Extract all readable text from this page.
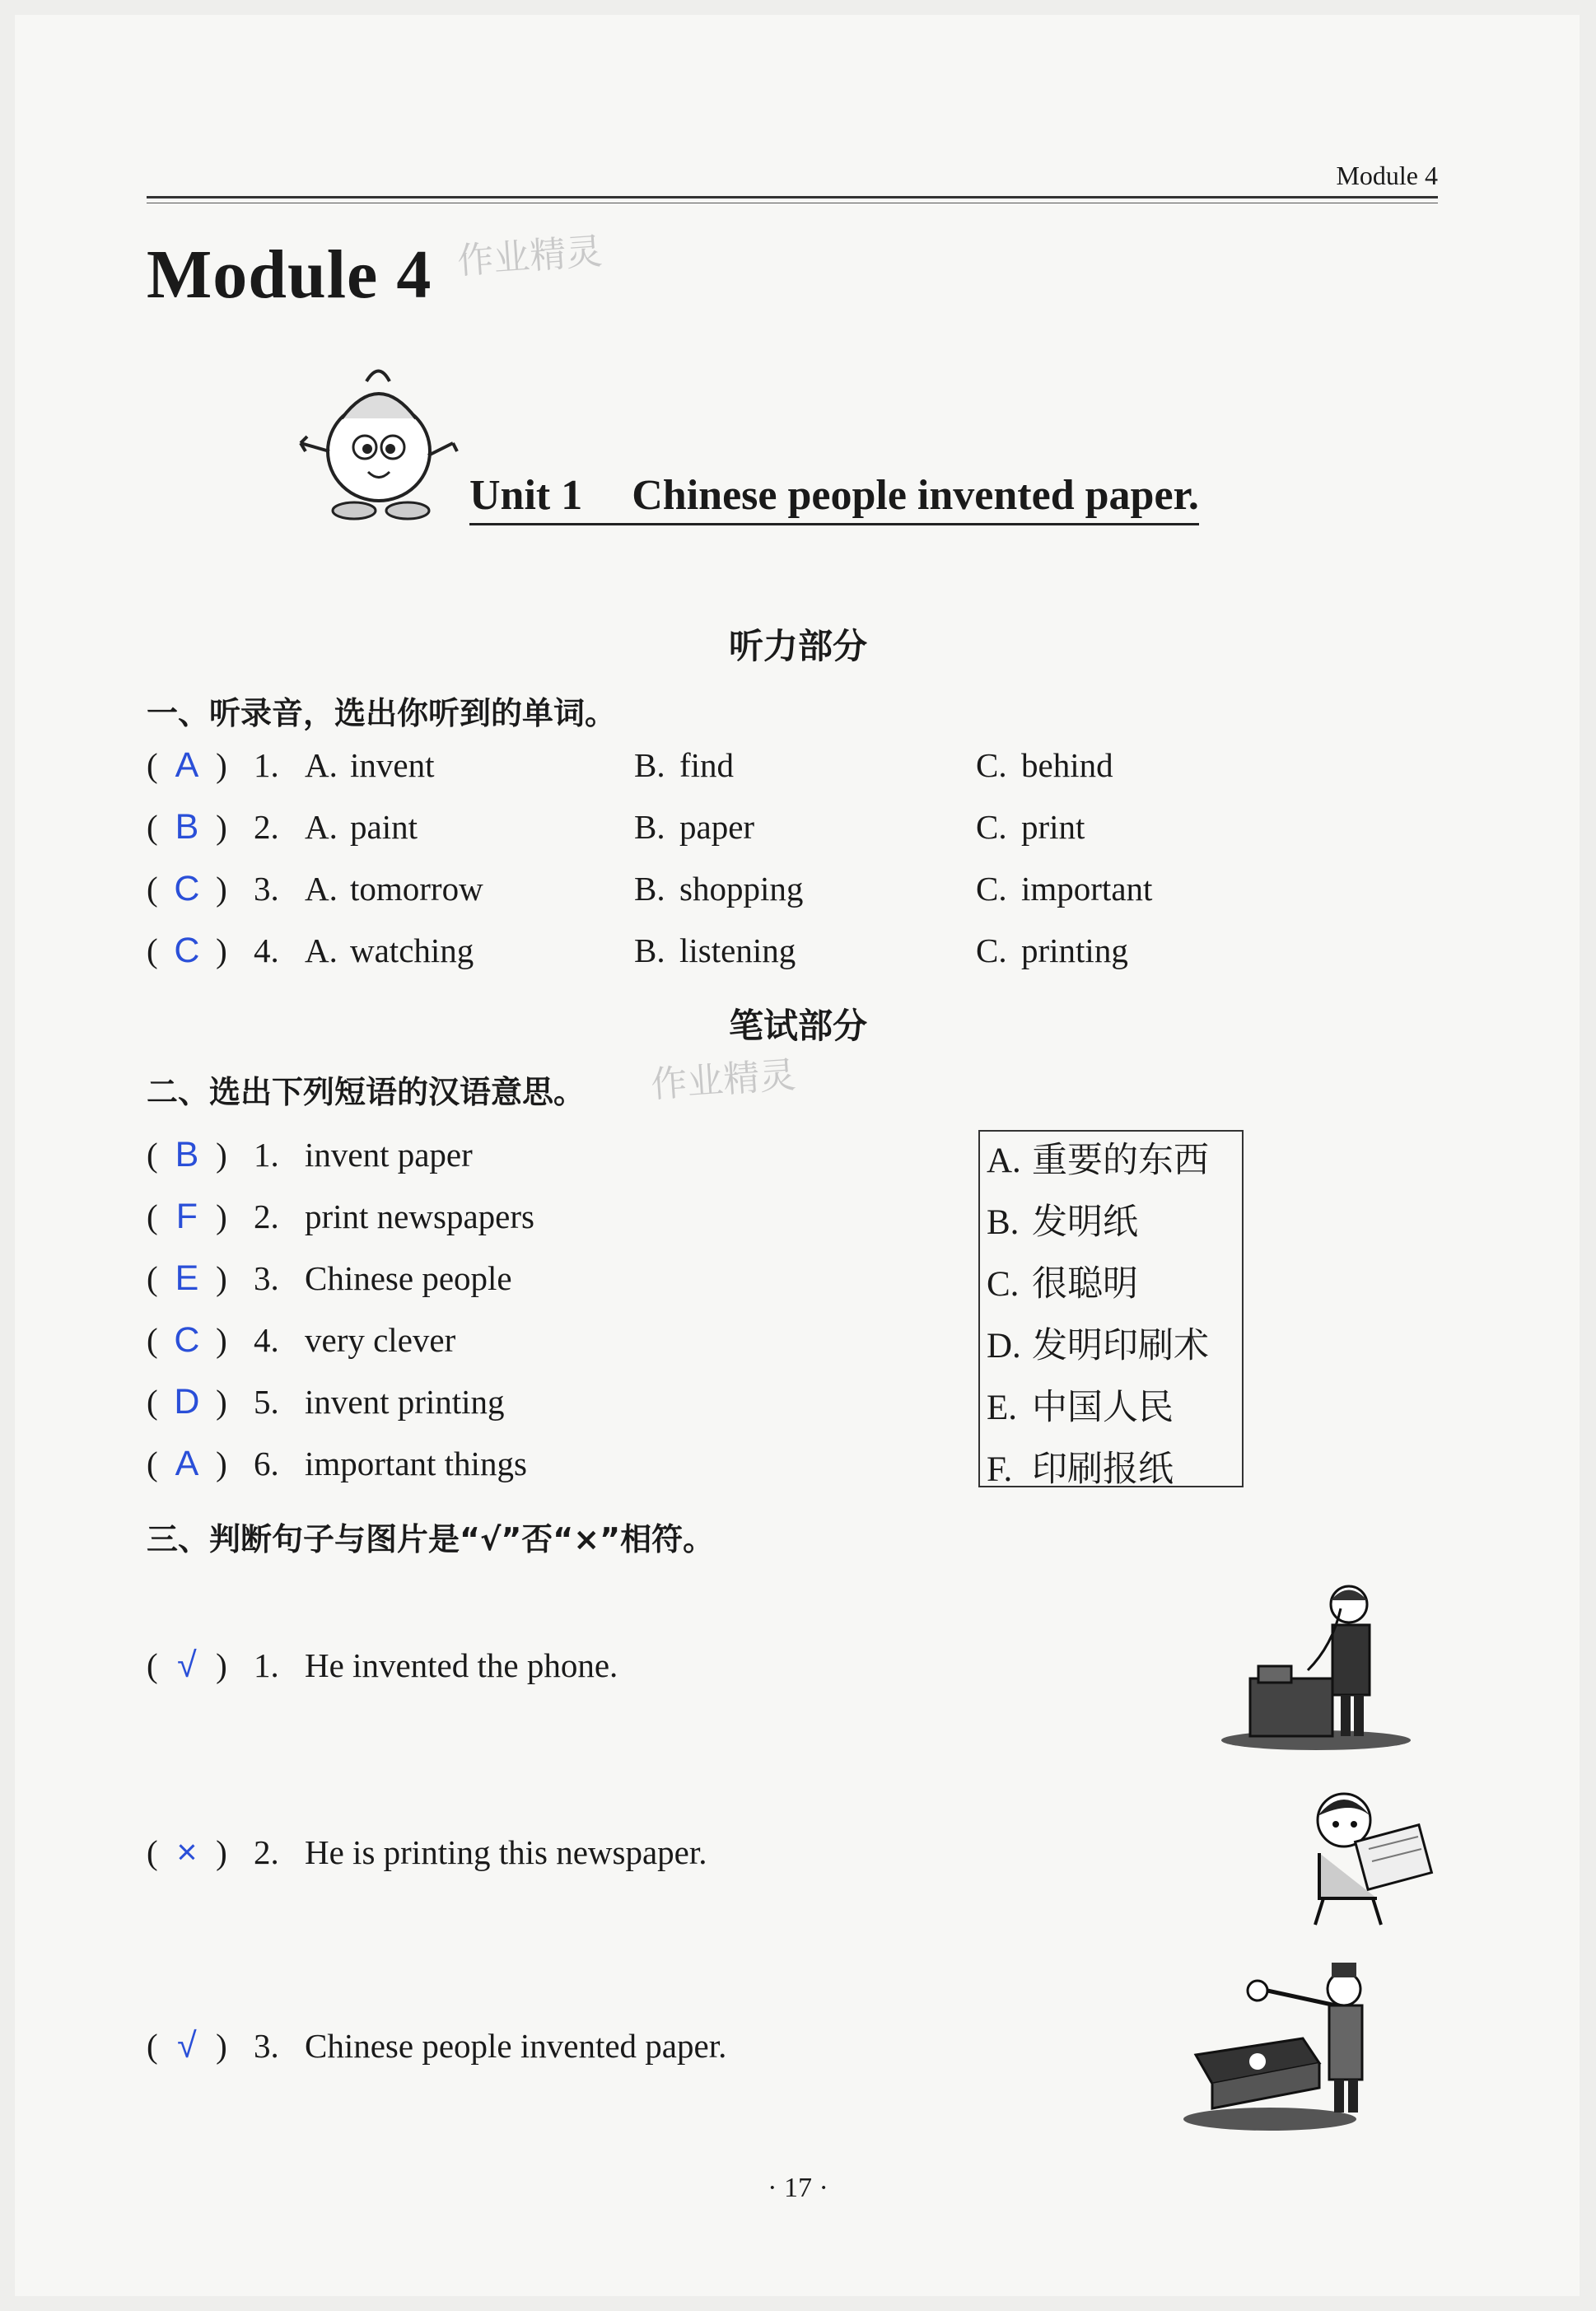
Module 4
Module 4 作业精灵
Unit 1 Chinese people invented paper.
听力部分
一、听录音，选出你听到的单词。
( A ) 1. A. invent	B. find	C. behind
( B ) 2. A. paint	B. paper	C. print
( C ) 3. A. tomorrow	B. shopping	C. important
( C ) 4. A. watching	B. listening	C. printing
笔试部分
二、选出下列短语的汉语意思。 作业精灵
( B ) 1. invent paper
( F ) 2. print newspapers
( E ) 3. Chinese people
( C ) 4. very clever
( D ) 5. invent printing
( A ) 6. important things
A. 重要的东西
B. 发明纸
C. 很聪明
D. 发明印刷术
E. 中国人民
F. 印刷报纸
三、判断句子与图片是“√”否“×”相符。
( √ ) 1. He invented the phone.
( × ) 2. He is printing this newspaper.
( √ ) 3. Chinese people invented paper.
· 17 ·
